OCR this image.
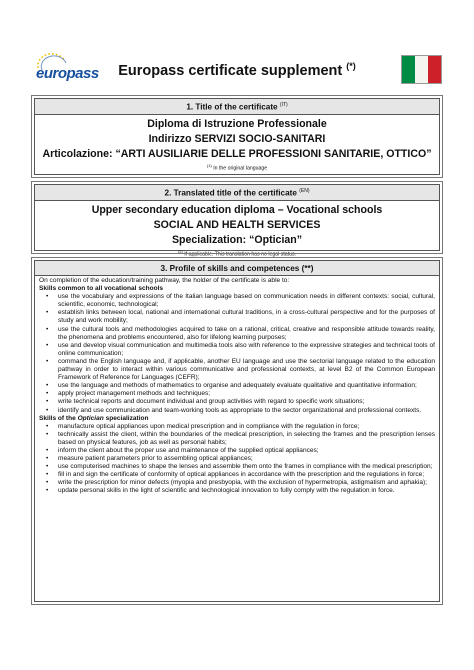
europass	Europass certificate supplement (*)
1. Title of the certificate $^{(IT)}$
Diploma di Istruzione Professionale
Indirizzo SERVIZI SOCIO-SANITARI
Articolazione: “ARTI AUSILIARIE DELLE PROFESSIONI SANITARIE, OTTICO”
$^{(1)}$ In the original language
2. Translated title of the certificate $^{(EN)}$
Upper secondary education diploma – Vocational schools
SOCIAL AND HEALTH SERVICES
Specialization: “Optician”
$^{(2)}$ If applicable. This translation has no legal status.
3. Profile of skills and competences (**)

On completion of the education/training pathway, the holder of the certificate is able to:

Skills common to all vocational schools

• use the vocabulary and expressions of the Italian language based on communication needs in different contexts: social, cultural, scientific, economic, technological;
• establish links between local, national and international cultural traditions, in a cross-cultural perspective and for the purposes of study and work mobility;
• use the cultural tools and methodologies acquired to take on a rational, critical, creative and responsible attitude towards reality, the phenomena and problems encountered, also for lifelong learning purposes;
• use and develop visual communication and multimedia tools also with reference to the expressive strategies and technical tools of online communication;
• command the English language and, if applicable, another EU language and use the sectorial language related to the education pathway in order to interact within various communicative and professional contexts, at level B2 of the Common European Framework of Reference for Languages (CEFR);
• use the language and methods of mathematics to organise and adequately evaluate qualitative and quantitative information;
• apply project management methods and techniques;
• write technical reports and document individual and group activities with regard to specific work situations;
• identify and use communication and team-working tools as appropriate to the sector organizational and professional contexts.

Skills of the Optician specialization

• manufacture optical appliances upon medical prescription and in compliance with the regulation in force;
• technically assist the client, within the boundaries of the medical prescription, in selecting the frames and the prescription lenses based on physical features, job as well as personal habits;
• inform the client about the proper use and maintenance of the supplied optical appliances;
• measure patient parameters prior to assembling optical appliances;
• use computerised machines to shape the lenses and assemble them onto the frames in compliance with the medical prescription;
• fill in and sign the certificate of conformity of optical appliances in accordance with the prescription and the regulations in force;
• write the prescription for minor defects (myopia and presbyopia, with the exclusion of hypermetropia, astigmatism and aphakia);
• update personal skills in the light of scientific and technological innovation to fully comply with the regulation in force.
